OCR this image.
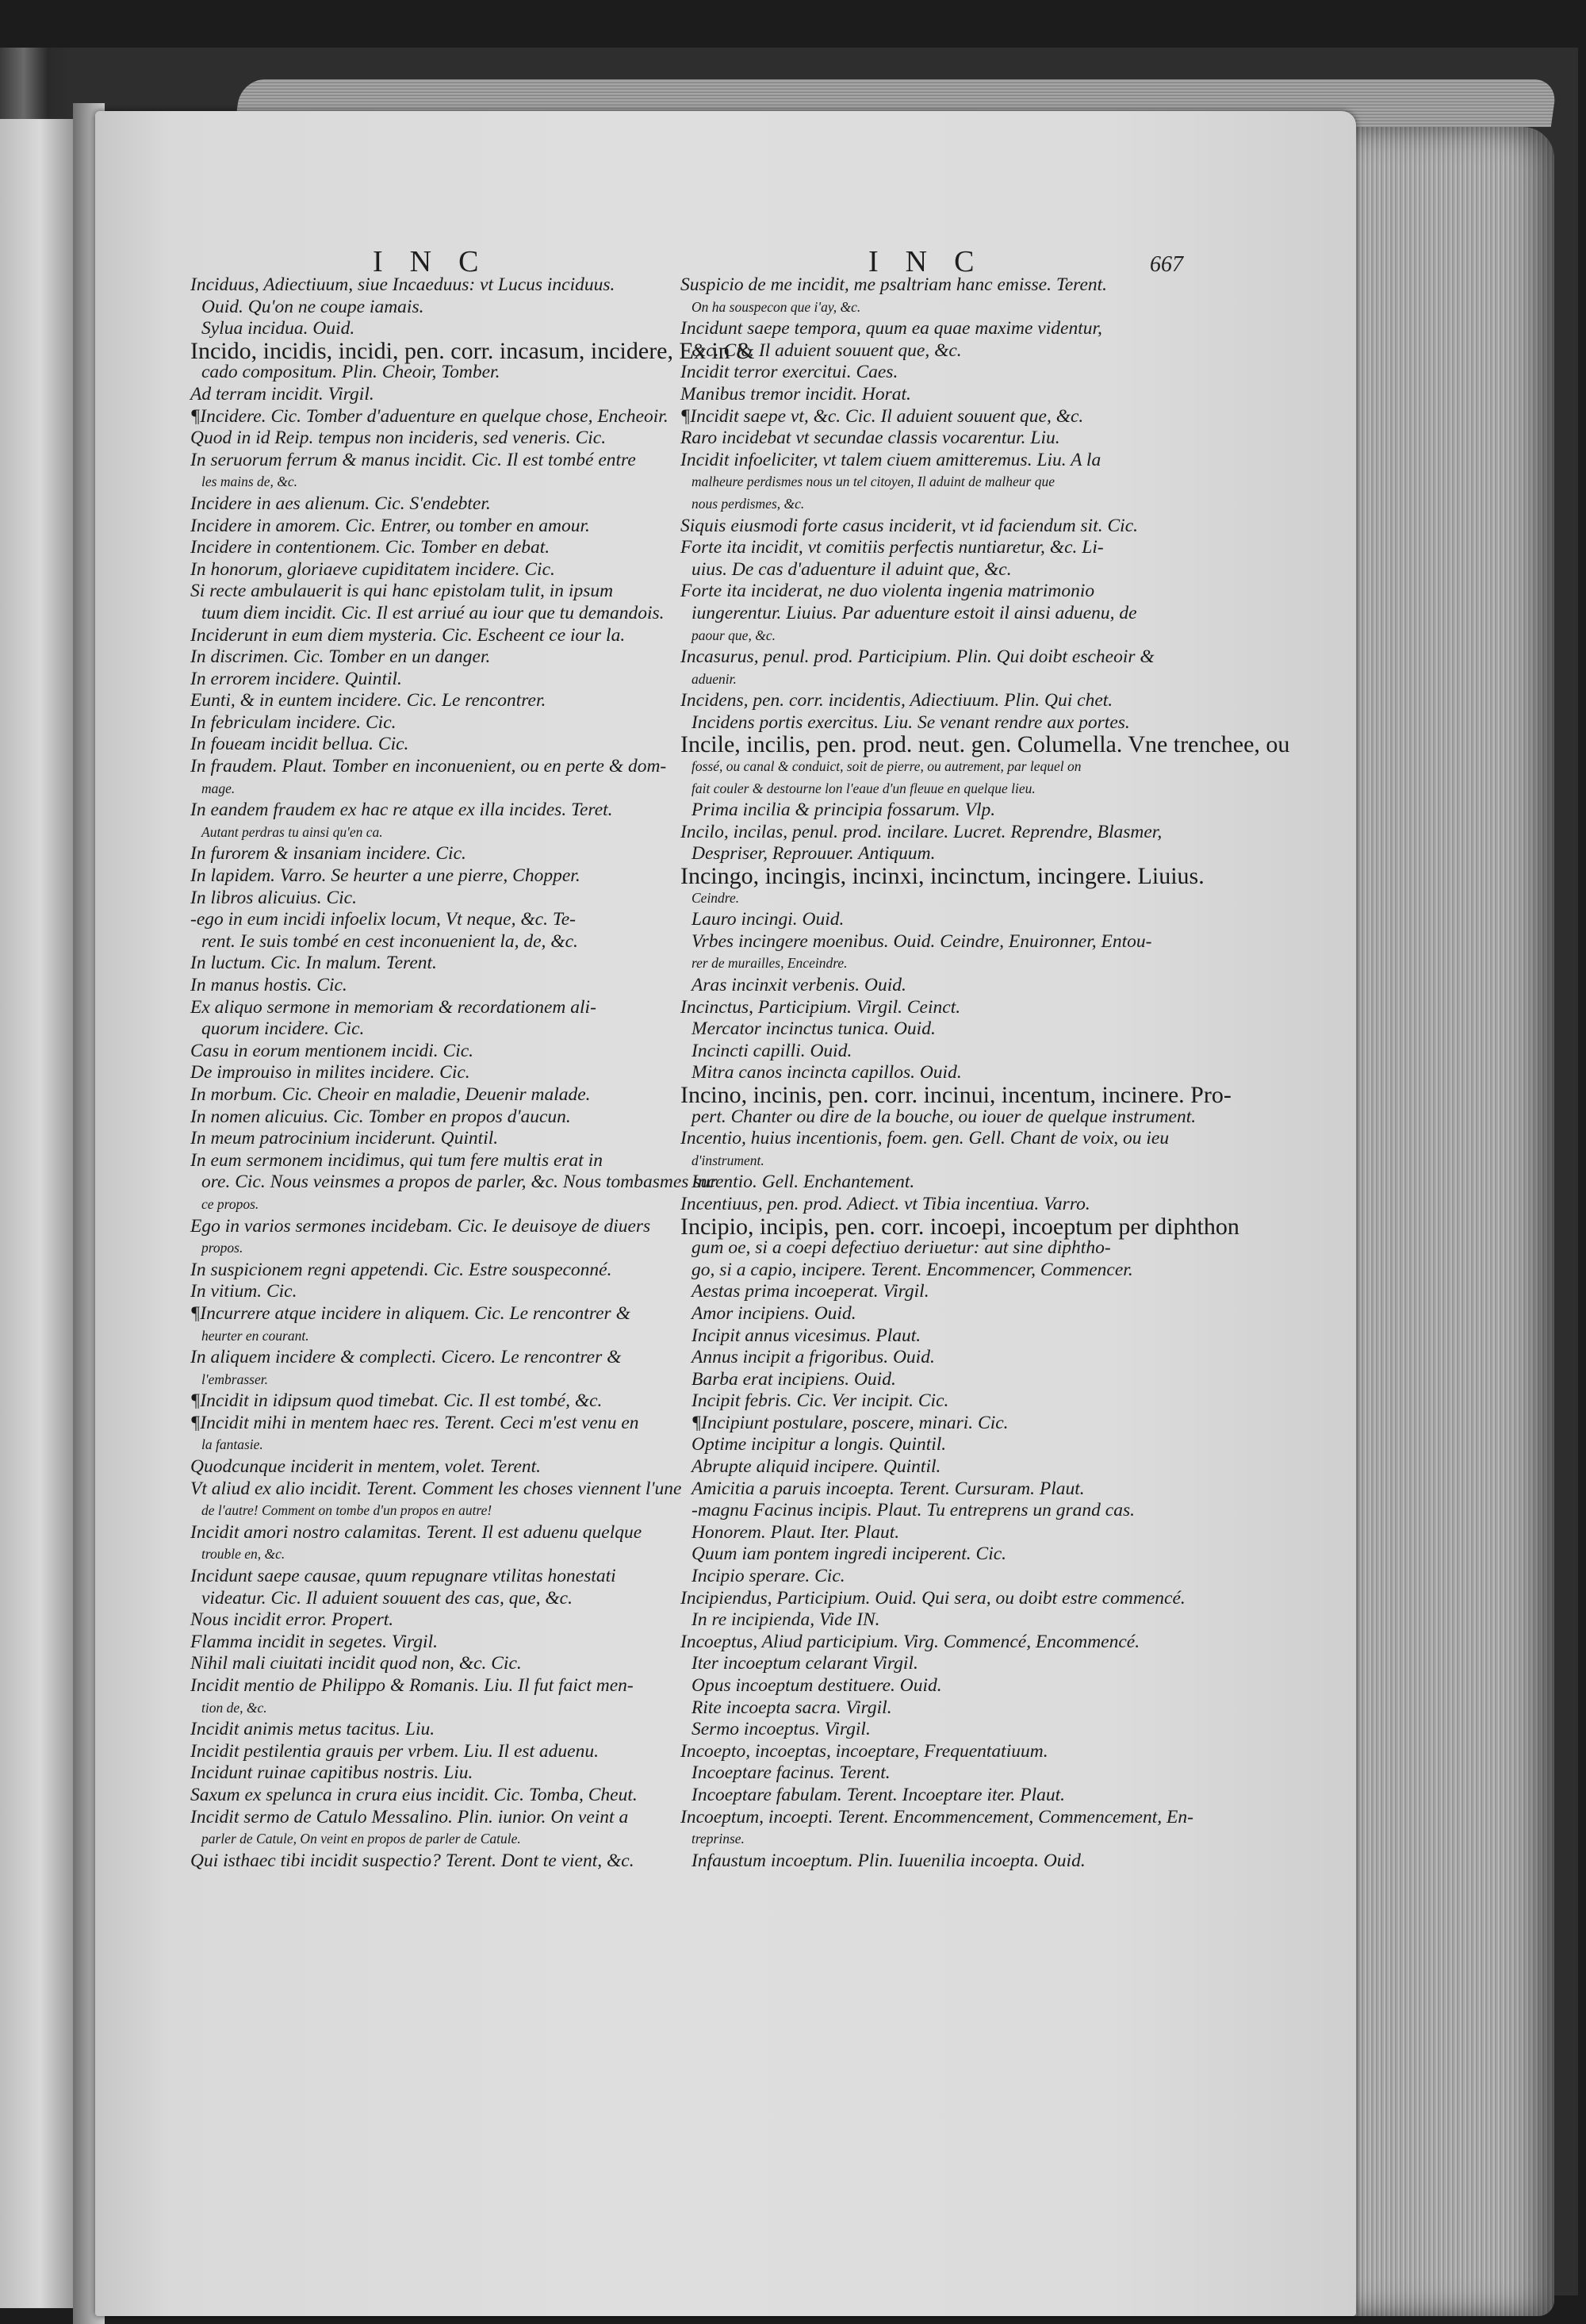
INC	INC	667
Inciduus, Adiectiuum, siue Incaeduus: vt Lucus inciduus.
Ouid. Qu'on ne coupe iamais.
Sylua incidua. Ouid.
Incido, incidis, incidi, pen. corr. incasum, incidere, Ex in &
cado compositum. Plin. Cheoir, Tomber.
Ad terram incidit. Virgil.
¶Incidere. Cic. Tomber d'aduenture en quelque chose, Encheoir.
Quod in id Reip. tempus non incideris, sed veneris. Cic.
In seruorum ferrum & manus incidit. Cic. Il est tombé entre
les mains de, &c.
Incidere in aes alienum. Cic. S'endebter.
Incidere in amorem. Cic. Entrer, ou tomber en amour.
Incidere in contentionem. Cic. Tomber en debat.
In honorum, gloriaeve cupiditatem incidere. Cic.
Si recte ambulauerit is qui hanc epistolam tulit, in ipsum
tuum diem incidit. Cic. Il est arriué au iour que tu demandois.
Inciderunt in eum diem mysteria. Cic. Escheent ce iour la.
In discrimen. Cic. Tomber en un danger.
In errorem incidere. Quintil.
Eunti, & in euntem incidere. Cic. Le rencontrer.
In febriculam incidere. Cic.
In foueam incidit bellua. Cic.
In fraudem. Plaut. Tomber en inconuenient, ou en perte & dom-
mage.
In eandem fraudem ex hac re atque ex illa incides. Teret.
Autant perdras tu ainsi qu'en ca.
In furorem & insaniam incidere. Cic.
In lapidem. Varro. Se heurter a une pierre, Chopper.
In libros alicuius. Cic.
-ego in eum incidi infoelix locum, Vt neque, &c. Te-
rent. Ie suis tombé en cest inconuenient la, de, &c.
In luctum. Cic. In malum. Terent.
In manus hostis. Cic.
Ex aliquo sermone in memoriam & recordationem ali-
quorum incidere. Cic.
Casu in eorum mentionem incidi. Cic.
De improuiso in milites incidere. Cic.
In morbum. Cic. Cheoir en maladie, Deuenir malade.
In nomen alicuius. Cic. Tomber en propos d'aucun.
In meum patrocinium inciderunt. Quintil.
In eum sermonem incidimus, qui tum fere multis erat in
ore. Cic. Nous veinsmes a propos de parler, &c. Nous tombasmes sur
ce propos.
Ego in varios sermones incidebam. Cic. Ie deuisoye de diuers
propos.
In suspicionem regni appetendi. Cic. Estre souspeconné.
In vitium. Cic.
¶Incurrere atque incidere in aliquem. Cic. Le rencontrer &
heurter en courant.
In aliquem incidere & complecti. Cicero. Le rencontrer &
l'embrasser.
¶Incidit in idipsum quod timebat. Cic. Il est tombé, &c.
¶Incidit mihi in mentem haec res. Terent. Ceci m'est venu en
la fantasie.
Quodcunque inciderit in mentem, volet. Terent.
Vt aliud ex alio incidit. Terent. Comment les choses viennent l'une
de l'autre! Comment on tombe d'un propos en autre!
Incidit amori nostro calamitas. Terent. Il est aduenu quelque
trouble en, &c.
Incidunt saepe causae, quum repugnare vtilitas honestati
videatur. Cic. Il aduient souuent des cas, que, &c.
Nous incidit error. Propert.
Flamma incidit in segetes. Virgil.
Nihil mali ciuitati incidit quod non, &c. Cic.
Incidit mentio de Philippo & Romanis. Liu. Il fut faict men-
tion de, &c.
Incidit animis metus tacitus. Liu.
Incidit pestilentia grauis per vrbem. Liu. Il est aduenu.
Incidunt ruinae capitibus nostris. Liu.
Saxum ex spelunca in crura eius incidit. Cic. Tomba, Cheut.
Incidit sermo de Catulo Messalino. Plin. iunior. On veint a
parler de Catule, On veint en propos de parler de Catule.
Qui isthaec tibi incidit suspectio? Terent. Dont te vient, &c.
Suspicio de me incidit, me psaltriam hanc emisse. Terent.
On ha souspecon que i'ay, &c.
Incidunt saepe tempora, quum ea quae maxime videntur,
&c. Cic. Il aduient souuent que, &c.
Incidit terror exercitui. Caes.
Manibus tremor incidit. Horat.
¶Incidit saepe vt, &c. Cic. Il aduient souuent que, &c.
Raro incidebat vt secundae classis vocarentur. Liu.
Incidit infoeliciter, vt talem ciuem amitteremus. Liu. A la
malheure perdismes nous un tel citoyen, Il aduint de malheur que
nous perdismes, &c.
Siquis eiusmodi forte casus inciderit, vt id faciendum sit. Cic.
Forte ita incidit, vt comitiis perfectis nuntiaretur, &c. Li-
uius. De cas d'aduenture il aduint que, &c.
Forte ita inciderat, ne duo violenta ingenia matrimonio
iungerentur. Liuius. Par aduenture estoit il ainsi aduenu, de
paour que, &c.
Incasurus, penul. prod. Participium. Plin. Qui doibt escheoir &
aduenir.
Incidens, pen. corr. incidentis, Adiectiuum. Plin. Qui chet.
Incidens portis exercitus. Liu. Se venant rendre aux portes.
Incile, incilis, pen. prod. neut. gen. Columella. Vne trenchee, ou
fossé, ou canal & conduict, soit de pierre, ou autrement, par lequel on
fait couler & destourne lon l'eaue d'un fleuue en quelque lieu.
Prima incilia & principia fossarum. Vlp.
Incilo, incilas, penul. prod. incilare. Lucret. Reprendre, Blasmer,
Despriser, Reprouuer. Antiquum.
Incingo, incingis, incinxi, incinctum, incingere. Liuius.
Ceindre.
Lauro incingi. Ouid.
Vrbes incingere moenibus. Ouid. Ceindre, Enuironner, Entou-
rer de murailles, Enceindre.
Aras incinxit verbenis. Ouid.
Incinctus, Participium. Virgil. Ceinct.
Mercator incinctus tunica. Ouid.
Incincti capilli. Ouid.
Mitra canos incincta capillos. Ouid.
Incino, incinis, pen. corr. incinui, incentum, incinere. Pro-
pert. Chanter ou dire de la bouche, ou iouer de quelque instrument.
Incentio, huius incentionis, foem. gen. Gell. Chant de voix, ou ieu
d'instrument.
Incentio. Gell. Enchantement.
Incentiuus, pen. prod. Adiect. vt Tibia incentiua. Varro.
Incipio, incipis, pen. corr. incoepi, incoeptum per diphthon
gum oe, si a coepi defectiuo deriuetur: aut sine diphtho-
go, si a capio, incipere. Terent. Encommencer, Commencer.
Aestas prima incoeperat. Virgil.
Amor incipiens. Ouid.
Incipit annus vicesimus. Plaut.
Annus incipit a frigoribus. Ouid.
Barba erat incipiens. Ouid.
Incipit febris. Cic. Ver incipit. Cic.
¶Incipiunt postulare, poscere, minari. Cic.
Optime incipitur a longis. Quintil.
Abrupte aliquid incipere. Quintil.
Amicitia a paruis incoepta. Terent. Cursuram. Plaut.
-magnu Facinus incipis. Plaut. Tu entreprens un grand cas.
Honorem. Plaut. Iter. Plaut.
Quum iam pontem ingredi inciperent. Cic.
Incipio sperare. Cic.
Incipiendus, Participium. Ouid. Qui sera, ou doibt estre commencé.
In re incipienda, Vide IN.
Incoeptus, Aliud participium. Virg. Commencé, Encommencé.
Iter incoeptum celarant Virgil.
Opus incoeptum destituere. Ouid.
Rite incoepta sacra. Virgil.
Sermo incoeptus. Virgil.
Incoepto, incoeptas, incoeptare, Frequentatiuum.
Incoeptare facinus. Terent.
Incoeptare fabulam. Terent. Incoeptare iter. Plaut.
Incoeptum, incoepti. Terent. Encommencement, Commencement, En-
treprinse.
Infaustum incoeptum. Plin. Iuuenilia incoepta. Ouid.
